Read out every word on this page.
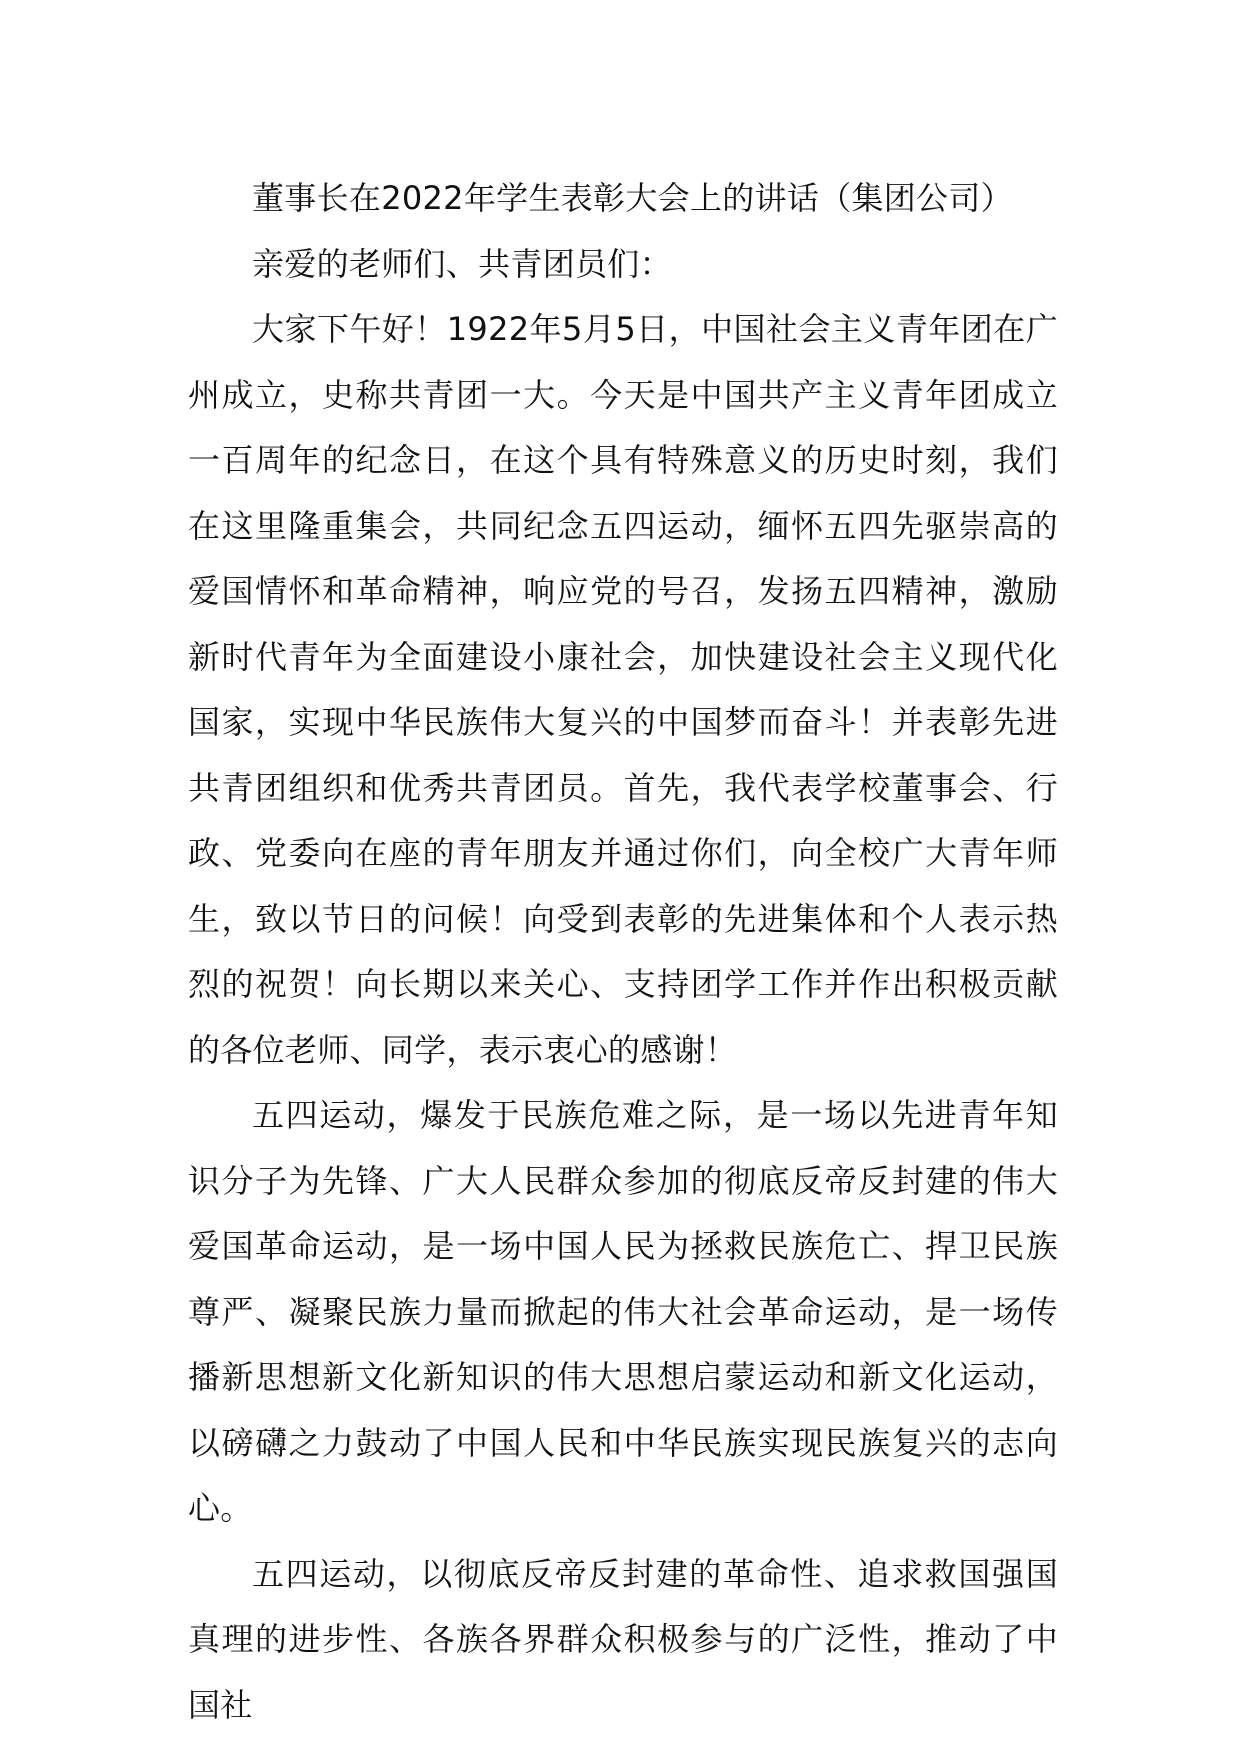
董事长在2022年学生表彰大会上的讲话（集团公司）

亲爱的老师们、共青团员们：

大家下午好！1922年5月5日，中国社会主义青年团在广州成立，史称共青团一大。今天是中国共产主义青年团成立一百周年的纪念日，在这个具有特殊意义的历史时刻，我们在这里隆重集会，共同纪念五四运动，缅怀五四先驱崇高的爱国情怀和革命精神，响应党的号召，发扬五四精神，激励新时代青年为全面建设小康社会，加快建设社会主义现代化国家，实现中华民族伟大复兴的中国梦而奋斗！并表彰先进共青团组织和优秀共青团员。首先，我代表学校董事会、行政、党委向在座的青年朋友并通过你们，向全校广大青年师生，致以节日的问候！向受到表彰的先进集体和个人表示热烈的祝贺！向长期以来关心、支持团学工作并作出积极贡献的各位老师、同学，表示衷心的感谢！

五四运动，爆发于民族危难之际，是一场以先进青年知识分子为先锋、广大人民群众参加的彻底反帝反封建的伟大爱国革命运动，是一场中国人民为拯救民族危亡、捍卫民族尊严、凝聚民族力量而掀起的伟大社会革命运动，是一场传播新思想新文化新知识的伟大思想启蒙运动和新文化运动，以磅礴之力鼓动了中国人民和中华民族实现民族复兴的志向心。

五四运动，以彻底反帝反封建的革命性、追求救国强国真理的进步性、各族各界群众积极参与的广泛性，推动了中国社
